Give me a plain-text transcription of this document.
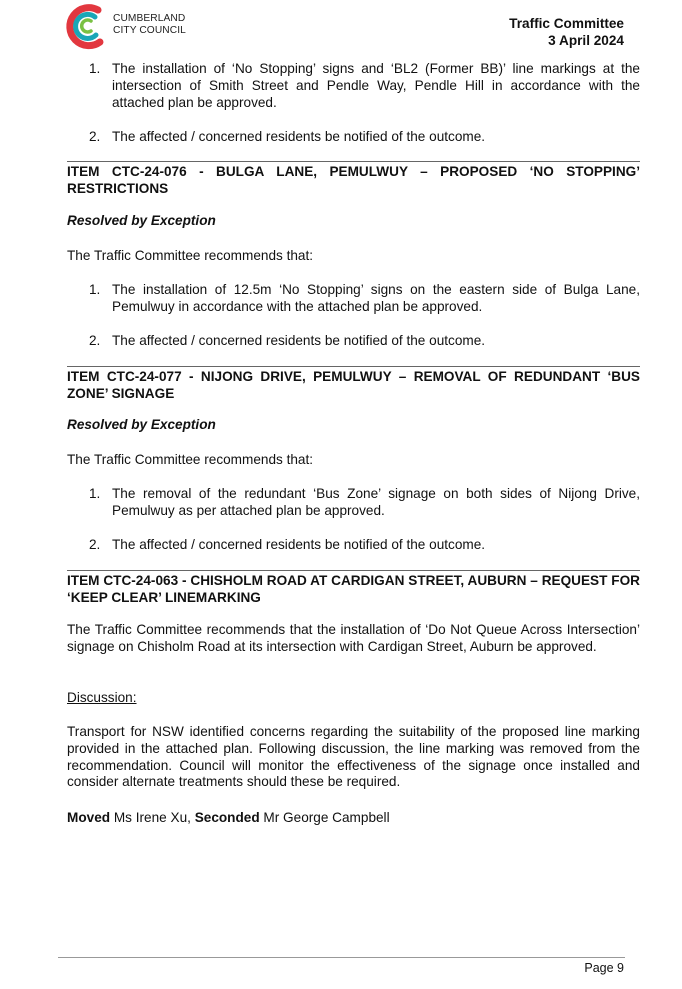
CUMBERLAND
CITY COUNCIL	Traffic Committee
3 April 2024
1. The installation of ‘No Stopping’ signs and ‘BL2 (Former BB)’ line markings at the intersection of Smith Street and Pendle Way, Pendle Hill in accordance with the attached plan be approved.
2. The affected / concerned residents be notified of the outcome.
ITEM CTC-24-076 - BULGA LANE, PEMULWUY – PROPOSED ‘NO STOPPING’ RESTRICTIONS
Resolved by Exception
The Traffic Committee recommends that:
1. The installation of 12.5m ‘No Stopping’ signs on the eastern side of Bulga Lane, Pemulwuy in accordance with the attached plan be approved.
2. The affected / concerned residents be notified of the outcome.
ITEM CTC-24-077 - NIJONG DRIVE, PEMULWUY – REMOVAL OF REDUNDANT ‘BUS ZONE’ SIGNAGE
Resolved by Exception
The Traffic Committee recommends that:
1. The removal of the redundant ‘Bus Zone’ signage on both sides of Nijong Drive, Pemulwuy as per attached plan be approved.
2. The affected / concerned residents be notified of the outcome.
ITEM CTC-24-063 - CHISHOLM ROAD AT CARDIGAN STREET, AUBURN – REQUEST FOR ‘KEEP CLEAR’ LINEMARKING
The Traffic Committee recommends that the installation of ‘Do Not Queue Across Intersection’ signage on Chisholm Road at its intersection with Cardigan Street, Auburn be approved.
Discussion:
Transport for NSW identified concerns regarding the suitability of the proposed line marking provided in the attached plan. Following discussion, the line marking was removed from the recommendation. Council will monitor the effectiveness of the signage once installed and consider alternate treatments should these be required.
Moved Ms Irene Xu, Seconded Mr George Campbell
Page 9
